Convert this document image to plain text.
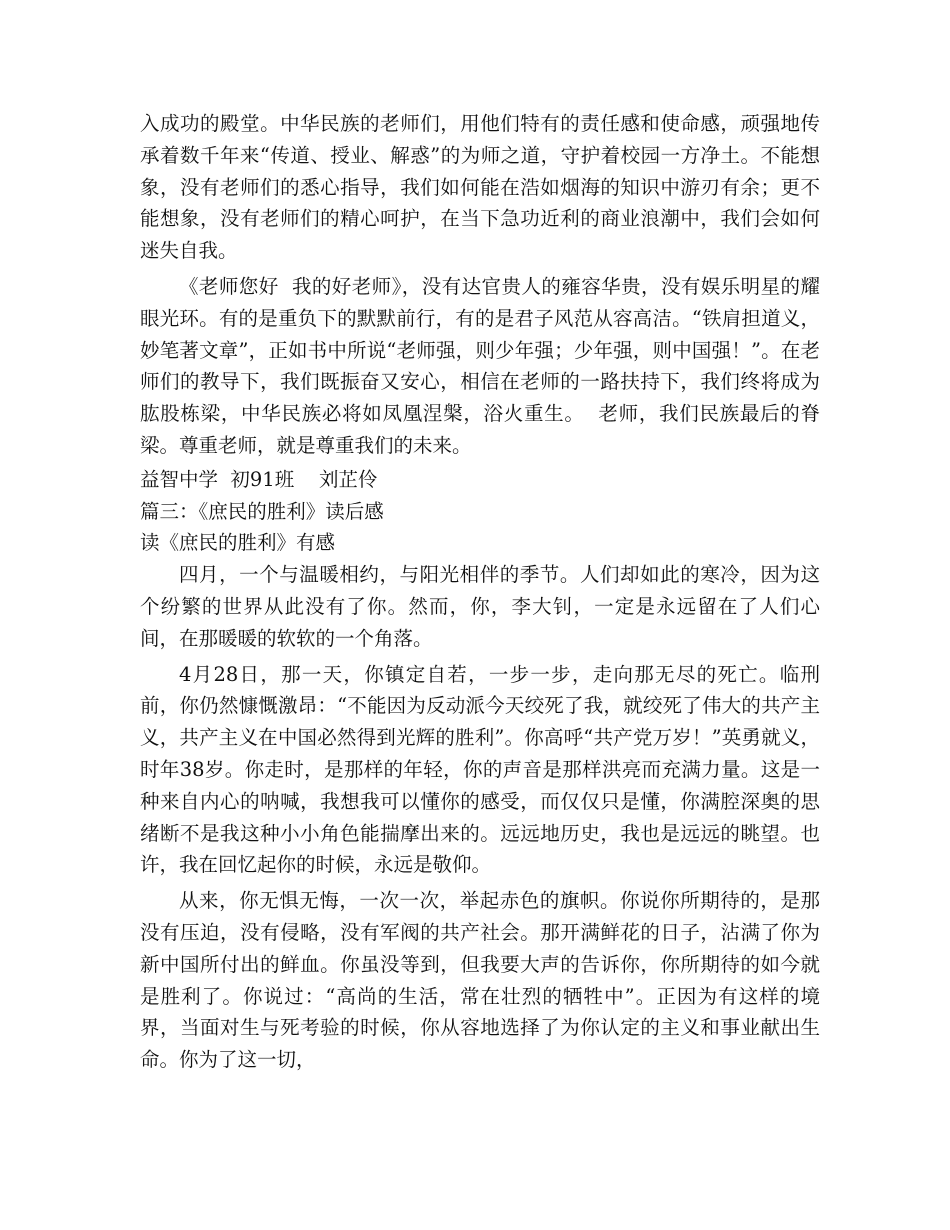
入成功的殿堂。中华民族的老师们，用他们特有的责任感和使命感，顽强地传承着数千年来“传道、授业、解惑”的为师之道，守护着校园一方净土。不能想象，没有老师们的悉心指导，我们如何能在浩如烟海的知识中游刃有余；更不能想象，没有老师们的精心呵护，在当下急功近利的商业浪潮中，我们会如何迷失自我。

《老师您好  我的好老师》，没有达官贵人的雍容华贵，没有娱乐明星的耀眼光环。有的是重负下的默默前行，有的是君子风范从容高洁。“铁肩担道义，妙笔著文章”，正如书中所说“老师强，则少年强；少年强，则中国强！”。在老师们的教导下，我们既振奋又安心，相信在老师的一路扶持下，我们终将成为肱股栋梁，中华民族必将如凤凰涅槃，浴火重生。  老师，我们民族最后的脊梁。尊重老师，就是尊重我们的未来。

益智中学  初91班    刘芷伶

篇三：《庶民的胜利》读后感

读《庶民的胜利》有感

四月，一个与温暖相约，与阳光相伴的季节。人们却如此的寒冷，因为这个纷繁的世界从此没有了你。然而，你，李大钊，一定是永远留在了人们心间，在那暖暖的软软的一个角落。

4月28日，那一天，你镇定自若，一步一步，走向那无尽的死亡。临刑前，你仍然慷慨激昂：“不能因为反动派今天绞死了我，就绞死了伟大的共产主义，共产主义在中国必然得到光辉的胜利”。你高呼“共产党万岁！”英勇就义，时年38岁。你走时，是那样的年轻，你的声音是那样洪亮而充满力量。这是一种来自内心的呐喊，我想我可以懂你的感受，而仅仅只是懂，你满腔深奥的思绪断不是我这种小小角色能揣摩出来的。远远地历史，我也是远远的眺望。也许，我在回忆起你的时候，永远是敬仰。

从来，你无惧无悔，一次一次，举起赤色的旗帜。你说你所期待的，是那没有压迫，没有侵略，没有军阀的共产社会。那开满鲜花的日子，沾满了你为新中国所付出的鲜血。你虽没等到，但我要大声的告诉你，你所期待的如今就是胜利了。你说过：“高尚的生活，常在壮烈的牺牲中”。正因为有这样的境界，当面对生与死考验的时候，你从容地选择了为你认定的主义和事业献出生命。你为了这一切，
